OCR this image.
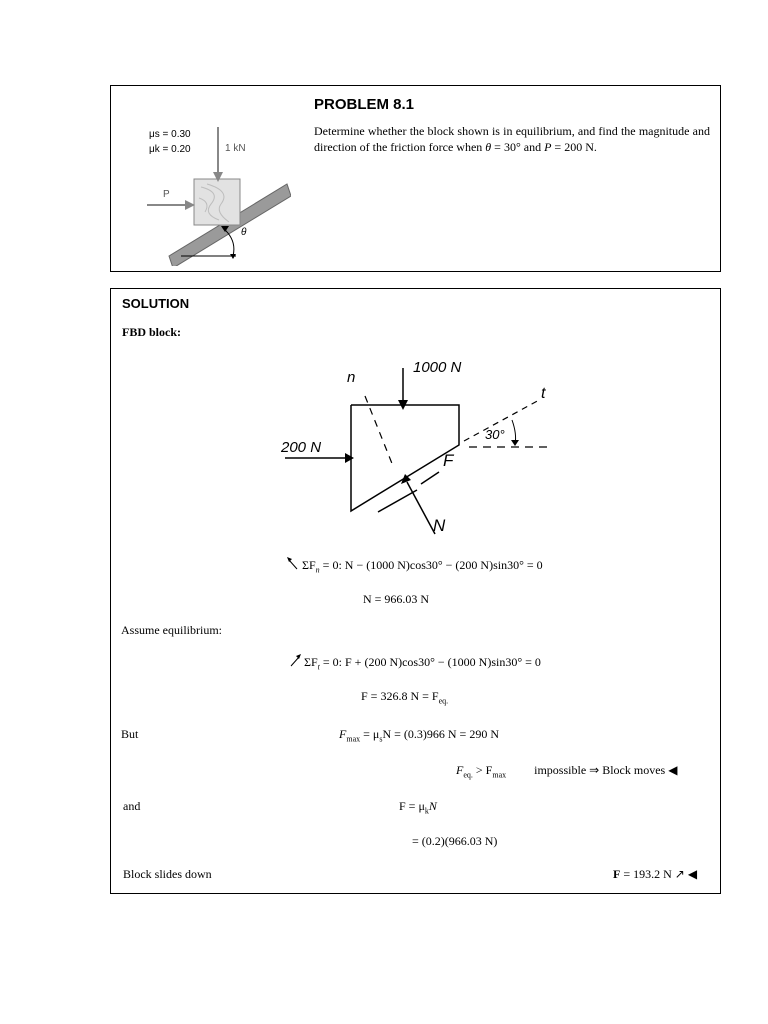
μs = 0.30
μk = 0.20	1 kN
P
θ
PROBLEM 8.1
Determine whether the block shown is in equilibrium, and find the magnitude and direction of the friction force when θ = 30° and P = 200 N.
SOLUTION
FBD block:
1000 N
200 N
n
t
30°
F
N
$\Sigma F_n = 0$: N − (1000 N)cos30° − (200 N)sin30° = 0
N = 966.03 N
Assume equilibrium:
$\Sigma F_t = 0$: F + (200 N)cos30° − (1000 N)sin30° = 0
F = 326.8 $N = F_{eq.}$
But	$F_{max} = \mu_sN = (0.3)966$ N = 290 N
$F_{eq.} > F_{max}$ impossible ⇒ Block moves ◀
and	$F = \mu_kN$
= (0.2)(966.03 N)
Block slides down	F = 193.2 N ↗ ◀
